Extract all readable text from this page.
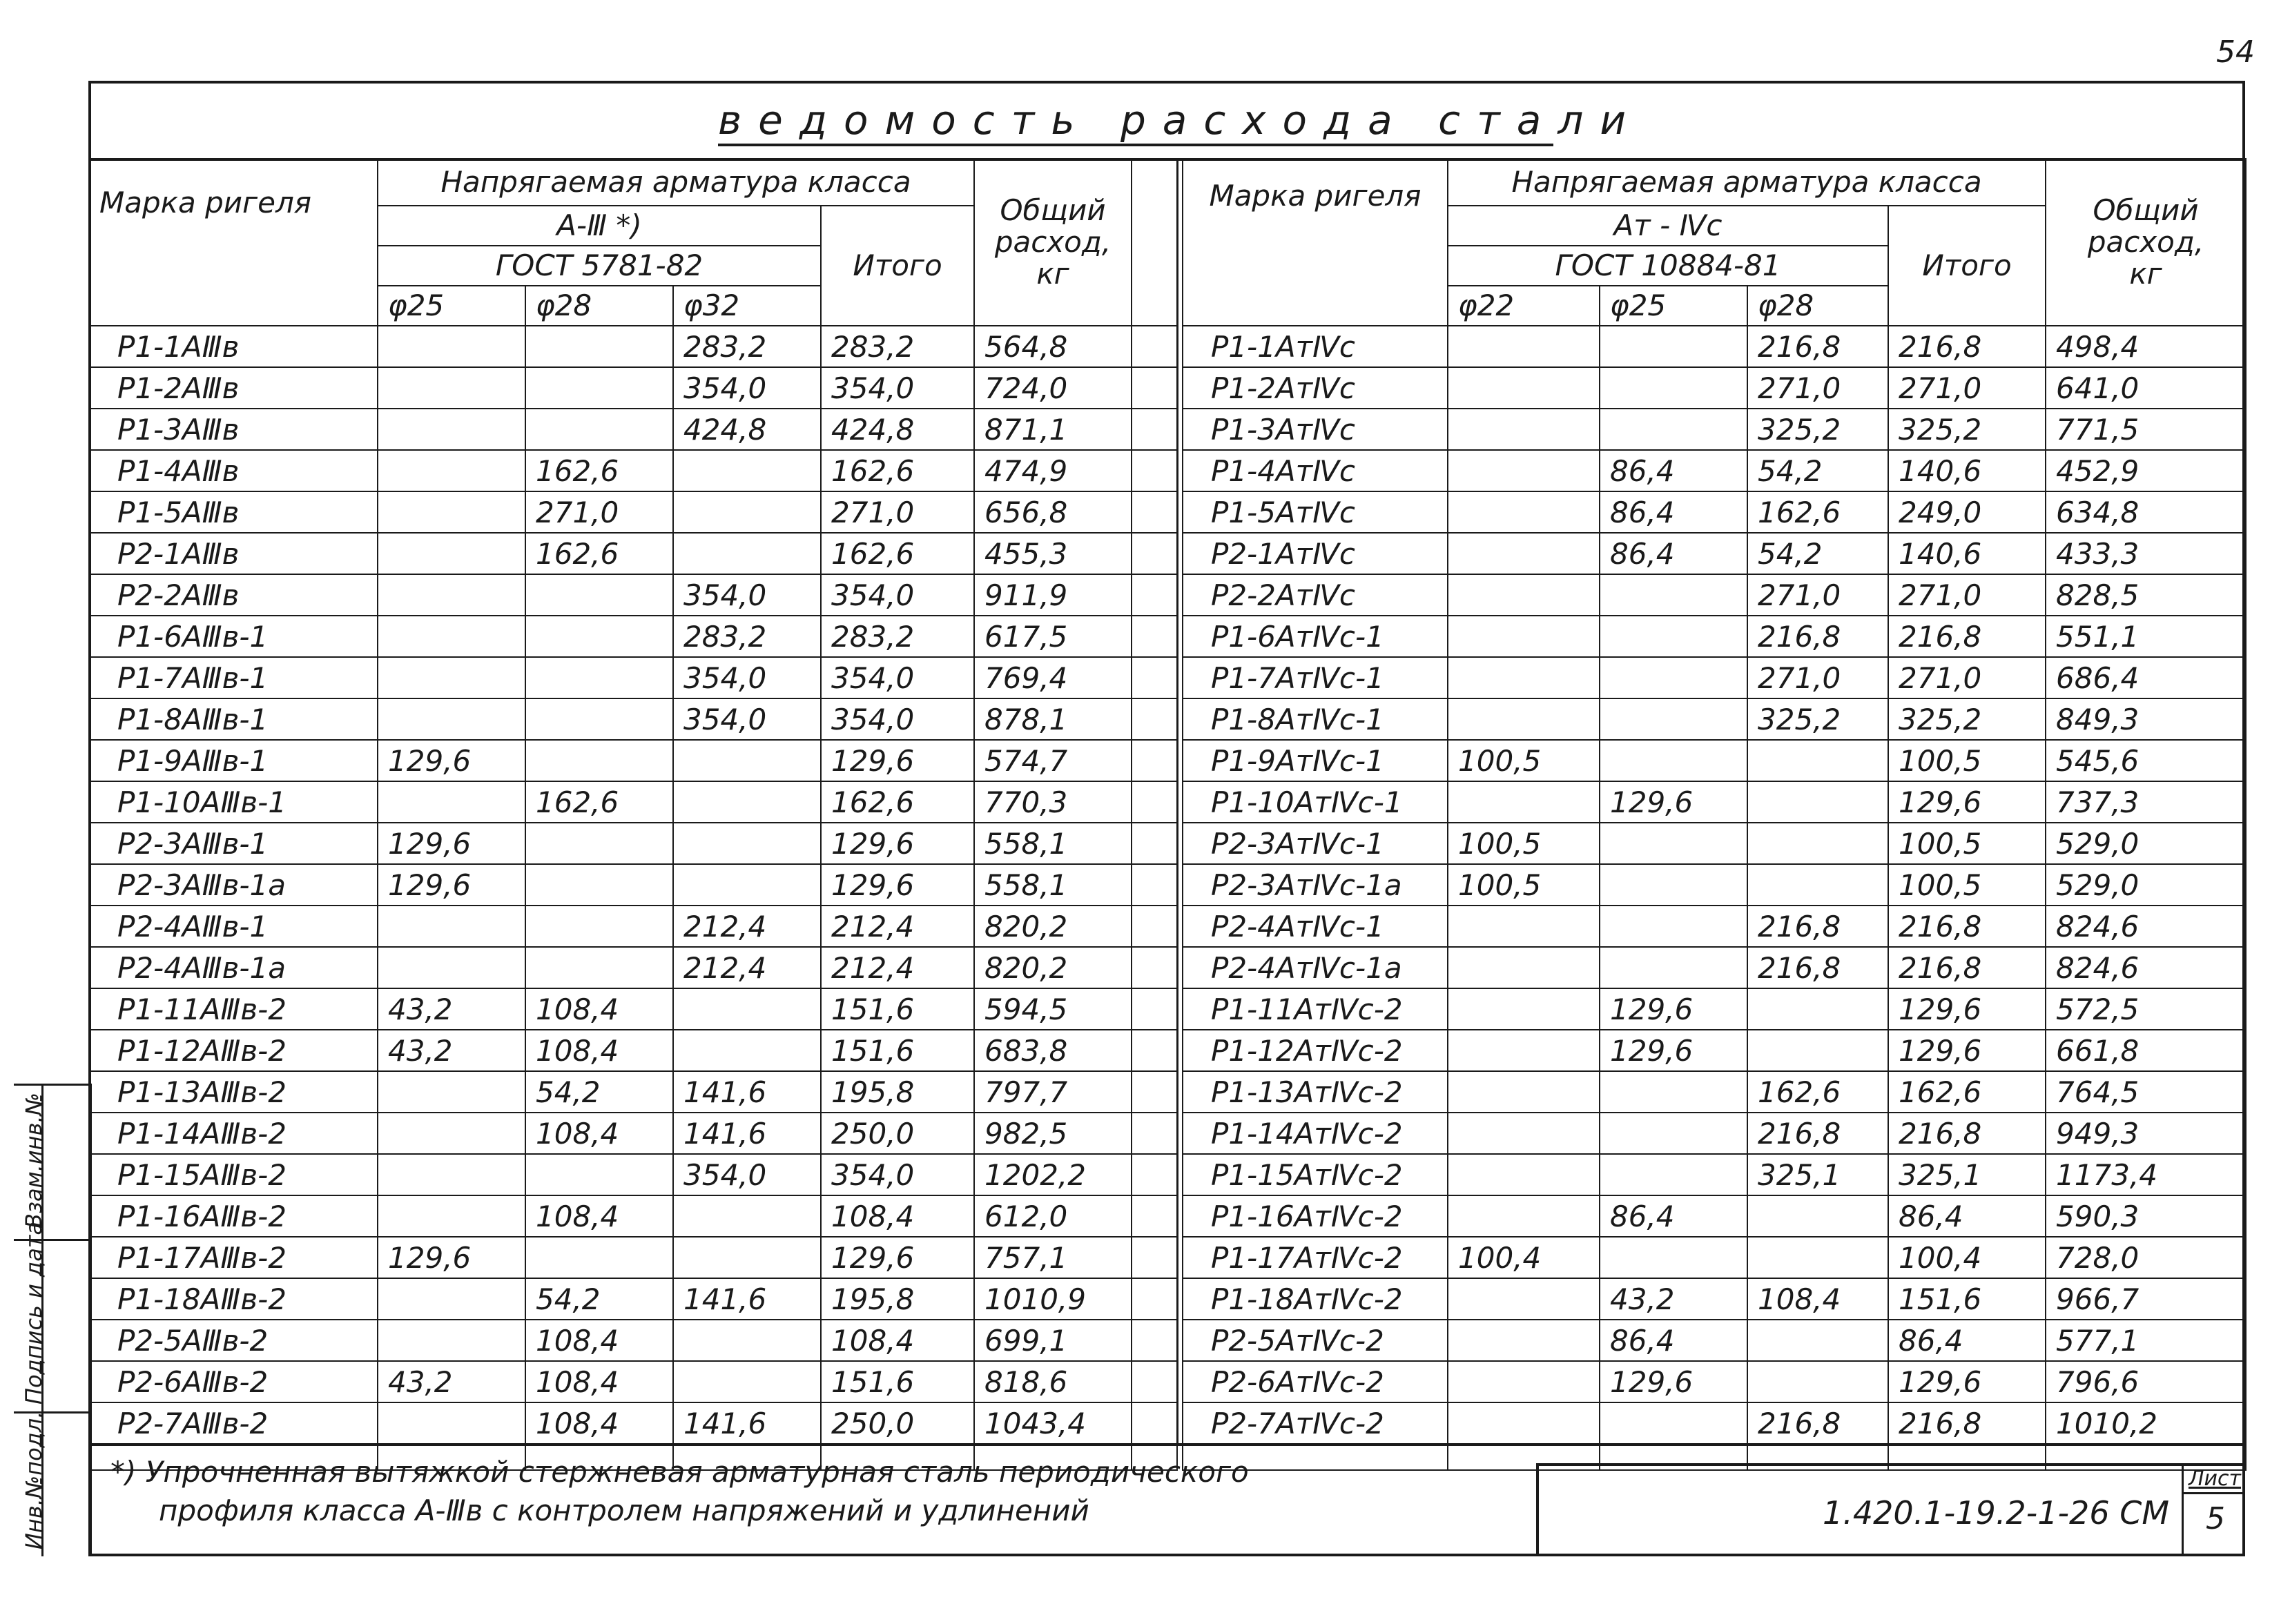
54
ведомость расхода стали
Марка ригеля	Напрягаемая арматура класса				Общий расход, кг	
	А-Ⅲ *)			Итого		
	ГОСТ 5781-82					
	φ25	φ28	φ32			
Р1-1АⅢв			283,2	283,2	564,8	
Р1-2АⅢв			354,0	354,0	724,0	
Р1-3АⅢв			424,8	424,8	871,1	
Р1-4АⅢв		162,6		162,6	474,9	
Р1-5АⅢв		271,0		271,0	656,8	
Р2-1АⅢв		162,6		162,6	455,3	
Р2-2АⅢв			354,0	354,0	911,9	
Р1-6АⅢв-1			283,2	283,2	617,5	
Р1-7АⅢв-1			354,0	354,0	769,4	
Р1-8АⅢв-1			354,0	354,0	878,1	
Р1-9АⅢв-1	129,6			129,6	574,7	
Р1-10АⅢв-1		162,6		162,6	770,3	
Р2-3АⅢв-1	129,6			129,6	558,1	
Р2-3АⅢв-1а	129,6			129,6	558,1	
Р2-4АⅢв-1			212,4	212,4	820,2	
Р2-4АⅢв-1а			212,4	212,4	820,2	
Р1-11АⅢв-2	43,2	108,4		151,6	594,5	
Р1-12АⅢв-2	43,2	108,4		151,6	683,8	
Р1-13АⅢв-2		54,2	141,6	195,8	797,7	
Р1-14АⅢв-2		108,4	141,6	250,0	982,5	
Р1-15АⅢв-2			354,0	354,0	1202,2	
Р1-16АⅢв-2		108,4		108,4	612,0	
Р1-17АⅢв-2	129,6			129,6	757,1	
Р1-18АⅢв-2		54,2	141,6	195,8	1010,9	
Р2-5АⅢв-2		108,4		108,4	699,1	
Р2-6АⅢв-2	43,2	108,4		151,6	818,6	
Р2-7АⅢв-2		108,4	141,6	250,0	1043,4	

Марка ригеля	Напрягаемая арматура класса				Общий расход, кг
	Ат - Ⅳс			Итого	
	ГОСТ 10884-81				
	φ22	φ25	φ28		
Р1-1АтⅣс			216,8	216,8	498,4
Р1-2АтⅣс			271,0	271,0	641,0
Р1-3АтⅣс			325,2	325,2	771,5
Р1-4АтⅣс		86,4	54,2	140,6	452,9
Р1-5АтⅣс		86,4	162,6	249,0	634,8
Р2-1АтⅣс		86,4	54,2	140,6	433,3
Р2-2АтⅣс			271,0	271,0	828,5
Р1-6АтⅣс-1			216,8	216,8	551,1
Р1-7АтⅣс-1			271,0	271,0	686,4
Р1-8АтⅣс-1			325,2	325,2	849,3
Р1-9АтⅣс-1	100,5			100,5	545,6
Р1-10АтⅣс-1		129,6		129,6	737,3
Р2-3АтⅣс-1	100,5			100,5	529,0
Р2-3АтⅣс-1а	100,5			100,5	529,0
Р2-4АтⅣс-1			216,8	216,8	824,6
Р2-4АтⅣс-1а			216,8	216,8	824,6
Р1-11АтⅣс-2		129,6		129,6	572,5
Р1-12АтⅣс-2		129,6		129,6	661,8
Р1-13АтⅣс-2			162,6	162,6	764,5
Р1-14АтⅣс-2			216,8	216,8	949,3
Р1-15АтⅣс-2			325,1	325,1	1173,4
Р1-16АтⅣс-2		86,4		86,4	590,3
Р1-17АтⅣс-2	100,4			100,4	728,0
Р1-18АтⅣс-2		43,2	108,4	151,6	966,7
Р2-5АтⅣс-2		86,4		86,4	577,1
Р2-6АтⅣс-2		129,6		129,6	796,6
Р2-7АтⅣс-2			216,8	216,8	1010,2

Взам.инв.№
Подпись и дата
Инв.№подл. *) Упрочненная вытяжкой стержневая арматурная сталь периодического
профиля класса А-Ⅲв с контролем напряжений и удлинений	1.420.1-19.2-1-26 СМ
Лист
5
